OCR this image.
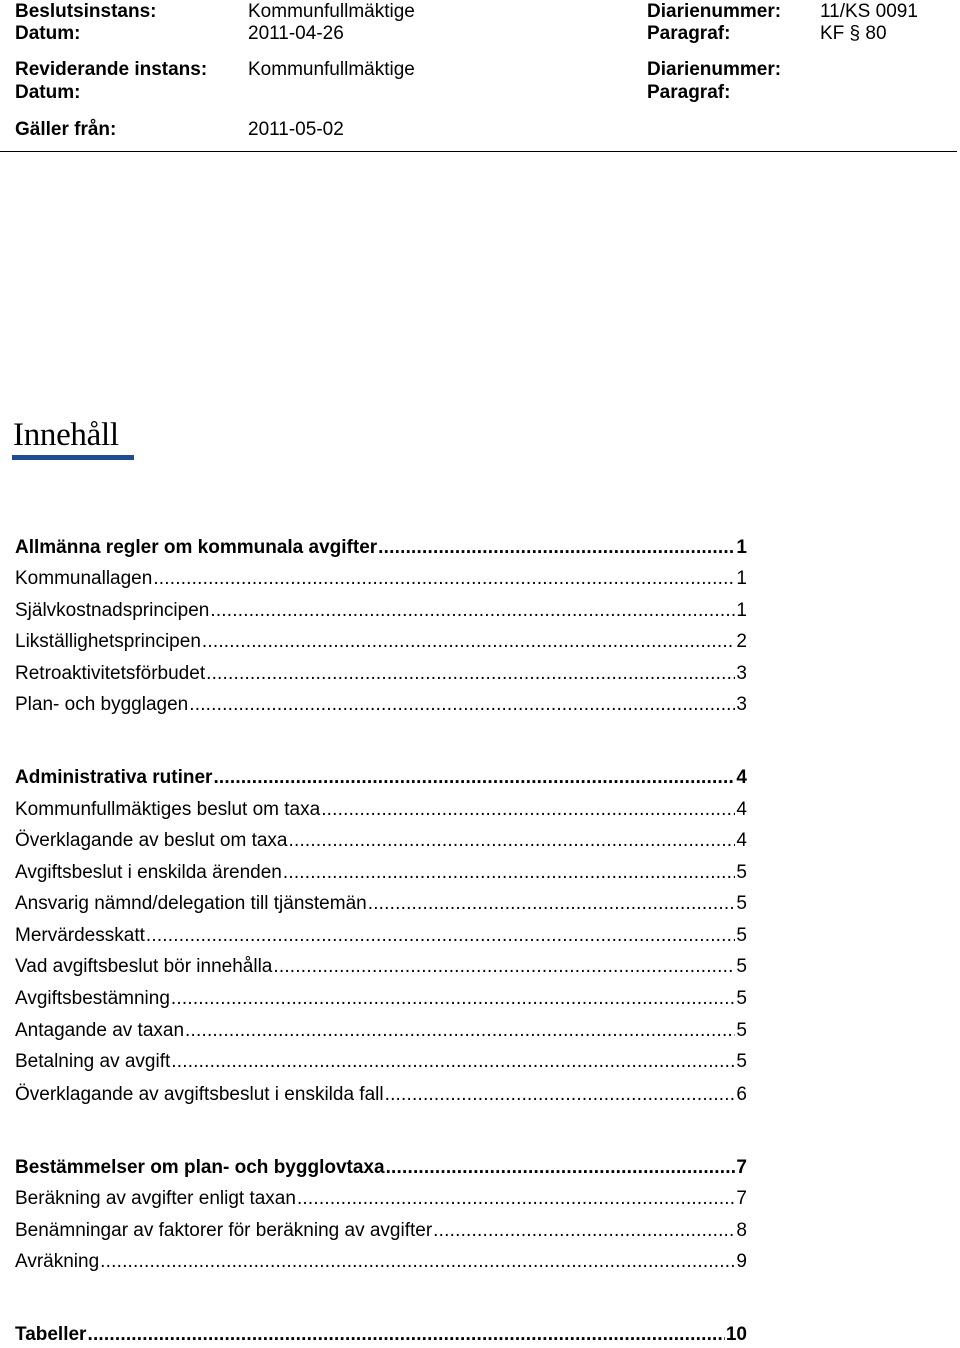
Beslutsinstans:	Kommunfullmäktige	Diarienummer: 11/KS 0091
Datum:	2011-04-26	Paragraf:	KF § 80
Reviderande instans: Kommunfullmäktige	Diarienummer:
Datum:	Paragraf:
Gäller från:	2011-05-02
Innehåll
Allmänna regler om kommunala avgifter .....	1
Kommunallagen .....	1
Självkostnadsprincipen .....	1
Likställighetsprincipen .....	2
Retroaktivitetsförbudet .....	3
Plan- och bygglagen .....	3
Administrativa rutiner .....	4
Kommunfullmäktiges beslut om taxa .....	4
Överklagande av beslut om taxa .....	4
Avgiftsbeslut i enskilda ärenden .....	5
Ansvarig nämnd/delegation till tjänstemän .....	5
Mervärdesskatt .....	5
Vad avgiftsbeslut bör innehålla .....	5
Avgiftsbestämning .....	5
Antagande av taxan .....	5
Betalning av avgift .....	5
Överklagande av avgiftsbeslut i enskilda fall .....	6
Bestämmelser om plan- och bygglovtaxa .....	7
Beräkning av avgifter enligt taxan .....	7
Benämningar av faktorer för beräkning av avgifter .....	8
Avräkning .....	9
Tabeller .....	10
